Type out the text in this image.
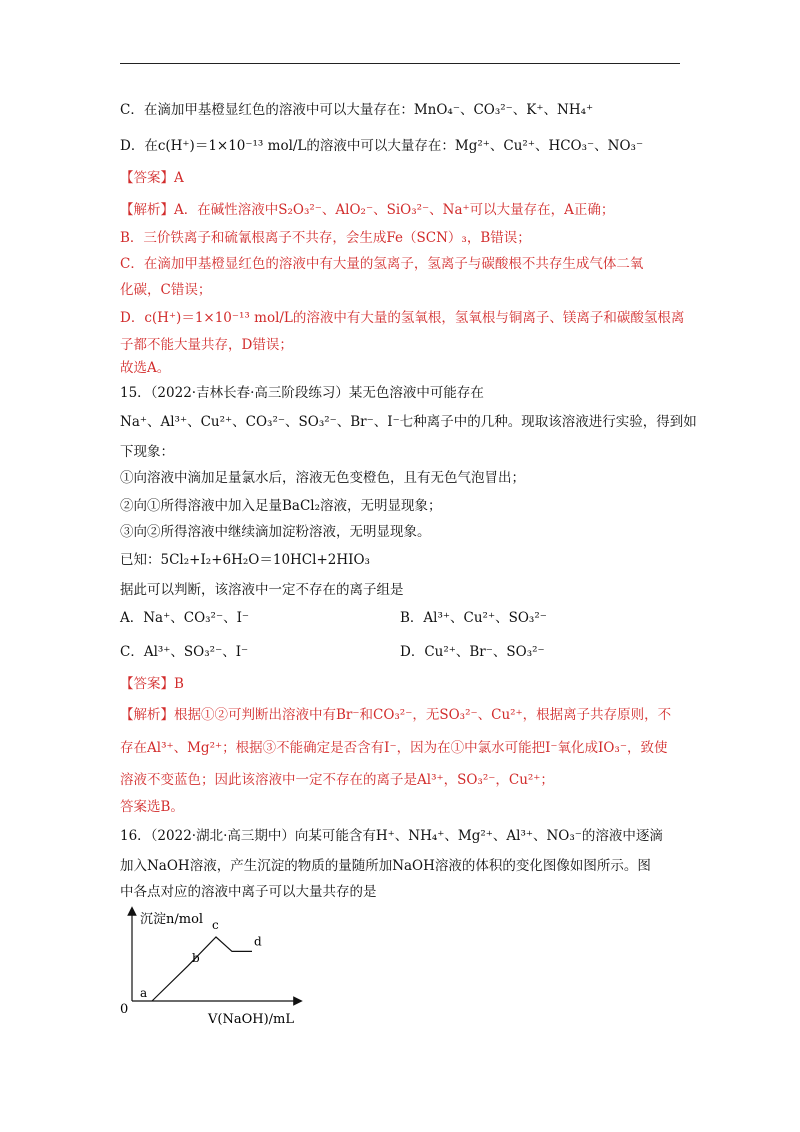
C．在滴加甲基橙显红色的溶液中可以大量存在：MnO₄⁻、CO₃²⁻、K⁺、NH₄⁺
D．在c(H⁺)＝1×10⁻¹³ mol/L的溶液中可以大量存在：Mg²⁺、Cu²⁺、HCO₃⁻、NO₃⁻
【答案】A
【解析】A．在碱性溶液中S₂O₃²⁻、AlO₂⁻、SiO₃²⁻、Na⁺可以大量存在，A正确；
B．三价铁离子和硫氰根离子不共存，会生成Fe（SCN）₃，B错误；
C．在滴加甲基橙显红色的溶液中有大量的氢离子，氢离子与碳酸根不共存生成气体二氧
化碳，C错误；
D．c(H⁺)＝1×10⁻¹³ mol/L的溶液中有大量的氢氧根，氢氧根与铜离子、镁离子和碳酸氢根离
子都不能大量共存，D错误；
故选A。
15．（2022·吉林长春·高三阶段练习）某无色溶液中可能存在
Na⁺、Al³⁺、Cu²⁺、CO₃²⁻、SO₃²⁻、Br⁻、I⁻七种离子中的几种。现取该溶液进行实验，得到如
下现象：
①向溶液中滴加足量氯水后，溶液无色变橙色，且有无色气泡冒出；
②向①所得溶液中加入足量BaCl₂溶液，无明显现象；
③向②所得溶液中继续滴加淀粉溶液，无明显现象。
已知：5Cl₂+I₂+6H₂O＝10HCl+2HIO₃
据此可以判断，该溶液中一定不存在的离子组是
A．Na⁺、CO₃²⁻、I⁻	B．Al³⁺、Cu²⁺、SO₃²⁻
C．Al³⁺、SO₃²⁻、I⁻	D．Cu²⁺、Br⁻、SO₃²⁻
【答案】B
【解析】根据①②可判断出溶液中有Br⁻和CO₃²⁻，无SO₃²⁻、Cu²⁺，根据离子共存原则，不
存在Al³⁺、Mg²⁺；根据③不能确定是否含有I⁻，因为在①中氯水可能把I⁻氧化成IO₃⁻，致使
溶液不变蓝色；因此该溶液中一定不存在的离子是Al³⁺，SO₃²⁻，Cu²⁺；
答案选B。
16．（2022·湖北·高三期中）向某可能含有H⁺、NH₄⁺、Mg²⁺、Al³⁺、NO₃⁻的溶液中逐滴
加入NaOH溶液，产生沉淀的物质的量随所加NaOH溶液的体积的变化图像如图所示。图
中各点对应的溶液中离子可以大量共存的是
沉淀n/mol
V(NaOH)/mL
0
a
b
c
d
